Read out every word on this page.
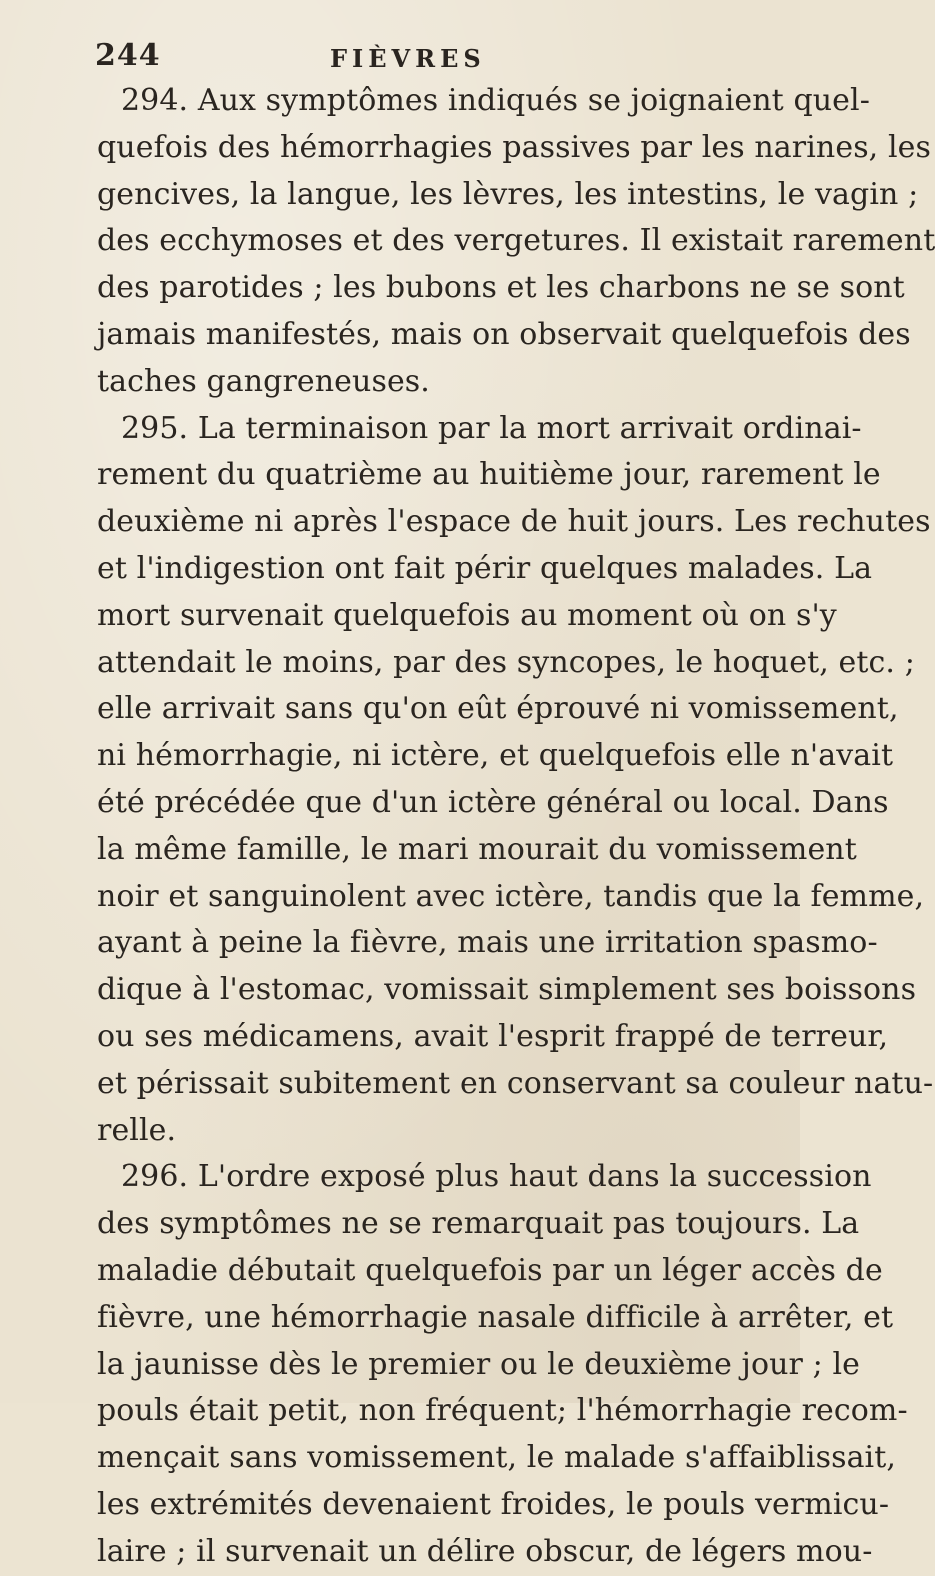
244	FIÈVRES
294. Aux symptômes indiqués se joignaient quel-
quefois des hémorrhagies passives par les narines, les
gencives, la langue, les lèvres, les intestins, le vagin ;
des ecchymoses et des vergetures. Il existait rarement
des parotides ; les bubons et les charbons ne se sont
jamais manifestés, mais on observait quelquefois des
taches gangreneuses.
295. La terminaison par la mort arrivait ordinai-
rement du quatrième au huitième jour, rarement le
deuxième ni après l'espace de huit jours. Les rechutes
et l'indigestion ont fait périr quelques malades. La
mort survenait quelquefois au moment où on s'y
attendait le moins, par des syncopes, le hoquet, etc. ;
elle arrivait sans qu'on eût éprouvé ni vomissement,
ni hémorrhagie, ni ictère, et quelquefois elle n'avait
été précédée que d'un ictère général ou local. Dans
la même famille, le mari mourait du vomissement
noir et sanguinolent avec ictère, tandis que la femme,
ayant à peine la fièvre, mais une irritation spasmo-
dique à l'estomac, vomissait simplement ses boissons
ou ses médicamens, avait l'esprit frappé de terreur,
et périssait subitement en conservant sa couleur natu-
relle.
296. L'ordre exposé plus haut dans la succession
des symptômes ne se remarquait pas toujours. La
maladie débutait quelquefois par un léger accès de
fièvre, une hémorrhagie nasale difficile à arrêter, et
la jaunisse dès le premier ou le deuxième jour ; le
pouls était petit, non fréquent; l'hémorrhagie recom-
mençait sans vomissement, le malade s'affaiblissait,
les extrémités devenaient froides, le pouls vermicu-
laire ; il survenait un délire obscur, de légers mou-
